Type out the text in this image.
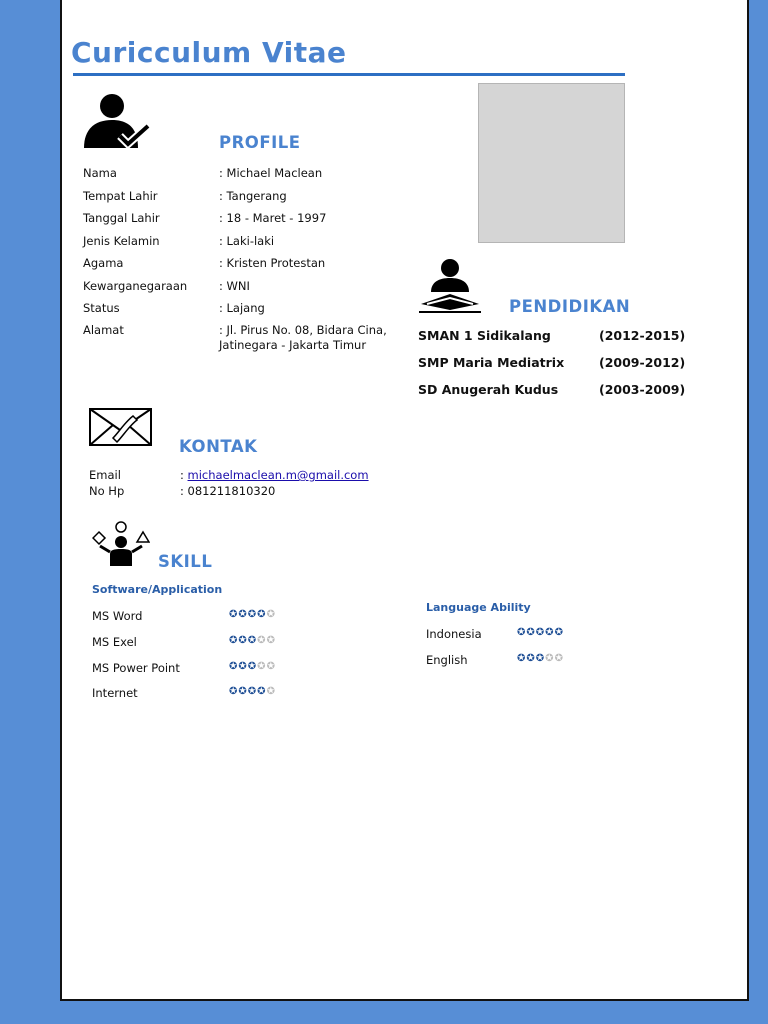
Curicculum Vitae
PROFILE
Nama	: Michael Maclean
Tempat Lahir	: Tangerang
Tanggal Lahir	: 18 - Maret - 1997
Jenis Kelamin	: Laki-laki
Agama	: Kristen Protestan
Kewarganegaraan	: WNI
Status	: Lajang
Alamat	: Jl. Pirus No. 08, Bidara Cina,
Jatinegara - Jakarta Timur
PENDIDIKAN
SMAN 1 Sidikalang	(2012-2015)
SMP Maria Mediatrix	(2009-2012)
SD Anugerah Kudus	(2003-2009)
KONTAK
Email	: michaelmaclean.m@gmail.com
No Hp	: 081211810320
SKILL
Software/Application
MS Word	✪✪✪✪✪
MS Exel	✪✪✪✪✪
MS Power Point	✪✪✪✪✪
Internet	✪✪✪✪✪
Language Ability
Indonesia	✪✪✪✪✪
English	✪✪✪✪✪
